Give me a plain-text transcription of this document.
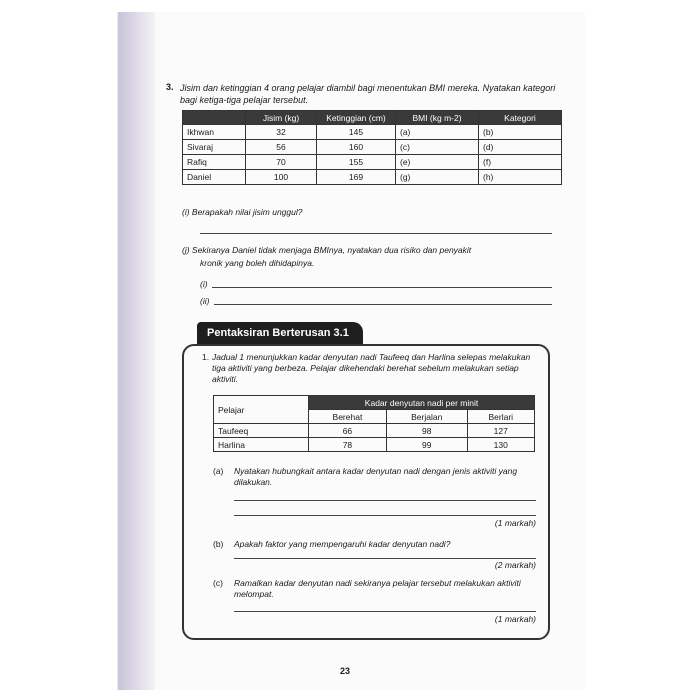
3. Jisim dan ketinggian 4 orang pelajar diambil bagi menentukan BMI mereka. Nyatakan kategori bagi ketiga-tiga pelajar tersebut.
	Jisim (kg)	Ketinggian (cm)	BMI (kg m-2)	Kategori
Ikhwan	32	145	(a)	(b)
Sivaraj	56	160	(c)	(d)
Rafiq	70	155	(e)	(f)
Daniel	100	169	(g)	(h)
(i) Berapakah nilai jisim unggul?
(j) Sekiranya Daniel tidak menjaga BMInya, nyatakan dua risiko dan penyakit
kronik yang boleh dihidapinya.
(i)
(ii)
Pentaksiran Berterusan 3.1
1. Jadual 1 menunjukkan kadar denyutan nadi Taufeeq dan Harlina selepas melakukan tiga aktiviti yang berbeza. Pelajar dikehendaki berehat sebelum melakukan setiap aktiviti.
Pelajar	Kadar denyutan nadi per minit		
	Berehat	Berjalan	Berlari
Taufeeq	66	98	127
Harlina	78	99	130
(a) Nyatakan hubungkait antara kadar denyutan nadi dengan jenis aktiviti yang dilakukan.
(1 markah)
(b) Apakah faktor yang mempengaruhi kadar denyutan nadi?
(2 markah)
(c) Ramalkan kadar denyutan nadi sekiranya pelajar tersebut melakukan aktiviti melompat.
(1 markah)
23
